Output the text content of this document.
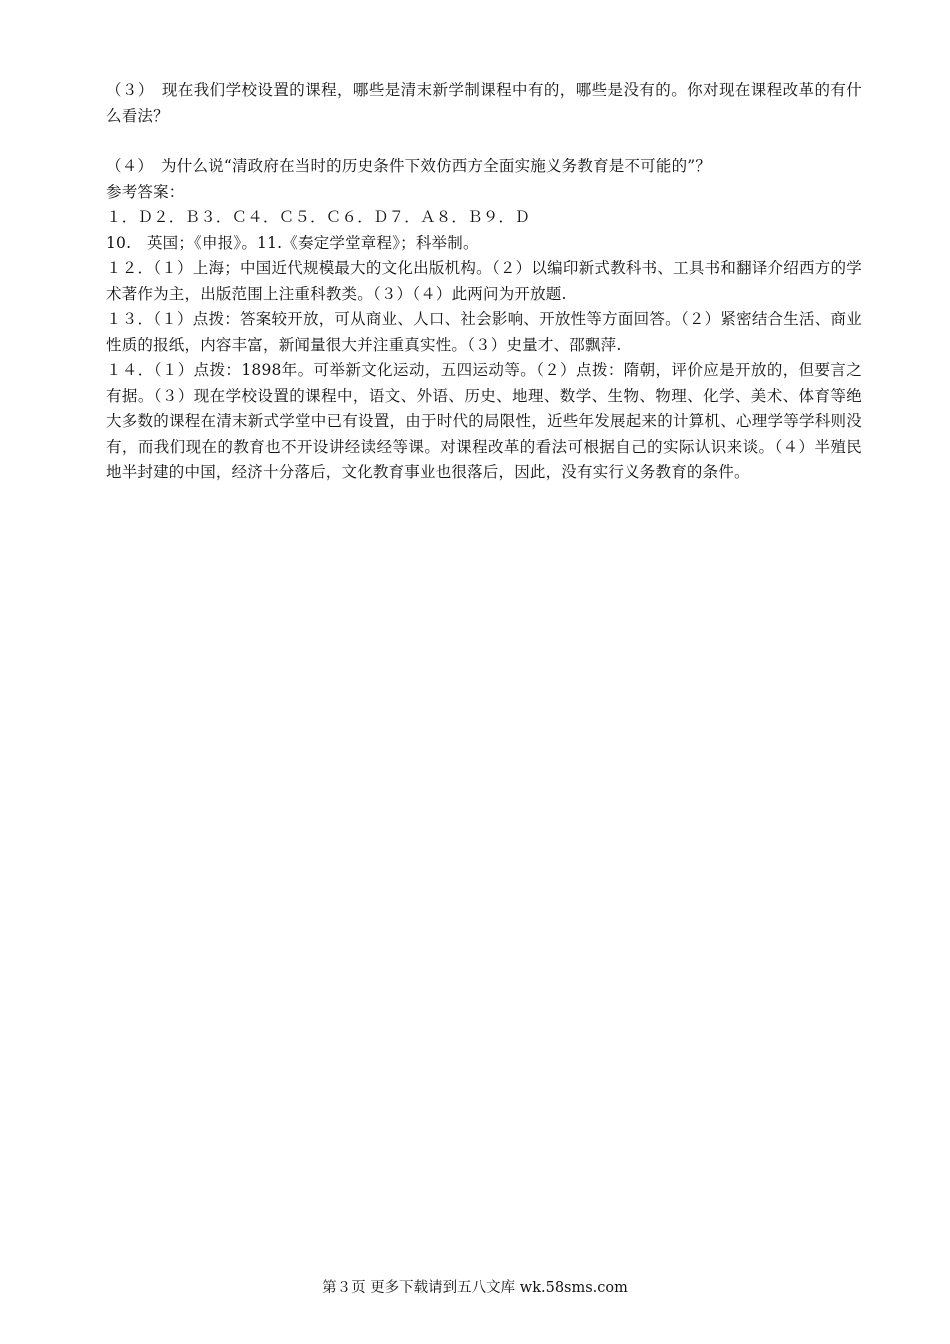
（３）　现在我们学校设置的课程，哪些是清末新学制课程中有的，哪些是没有的。你对现在课程改革的有什么看法？

（４）　为什么说“清政府在当时的历史条件下效仿西方全面实施义务教育是不可能的”？

参考答案：

１．Ｄ２．Ｂ３．Ｃ４．Ｃ５．Ｃ６．Ｄ７．Ａ８．Ｂ９．Ｄ

10.　英国；《申报》。11.《奏定学堂章程》；科举制。

１２．（１）上海；中国近代规模最大的文化出版机构。（２）以编印新式教科书、工具书和翻译介绍西方的学术著作为主，出版范围上注重科教类。（３）（４）此两问为开放题.

１３．（１）点拨：答案较开放，可从商业、人口、社会影响、开放性等方面回答。（２）紧密结合生活、商业性质的报纸，内容丰富，新闻量很大并注重真实性。（３）史量才、邵飘萍.

１４．（１）点拨：1898年。可举新文化运动，五四运动等。（２）点拨：隋朝，评价应是开放的，但要言之有据。（３）现在学校设置的课程中，语文、外语、历史、地理、数学、生物、物理、化学、美术、体育等绝大多数的课程在清末新式学堂中已有设置，由于时代的局限性，近些年发展起来的计算机、心理学等学科则没有，而我们现在的教育也不开设讲经读经等课。对课程改革的看法可根据自己的实际认识来谈。（４）半殖民地半封建的中国，经济十分落后，文化教育事业也很落后，因此，没有实行义务教育的条件。

第３页 更多下载请到五八文库 wk.58sms.com
